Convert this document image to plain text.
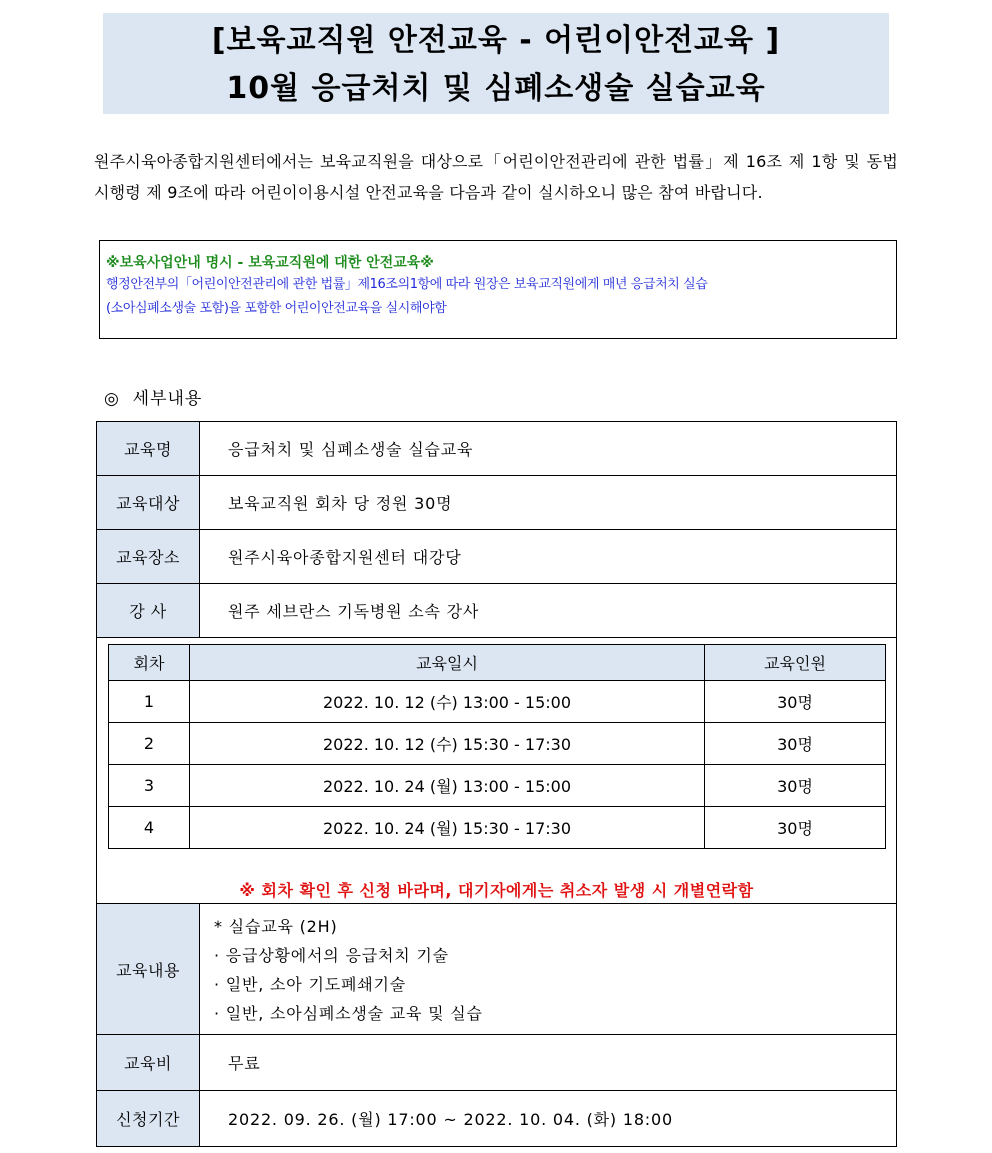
[보육교직원 안전교육 - 어린이안전교육 ]
10월 응급처치 및 심폐소생술 실습교육
원주시육아종합지원센터에서는 보육교직원을 대상으로「어린이안전관리에 관한 법률」제 16조 제 1항 및 동법 시행령 제 9조에 따라 어린이이용시설 안전교육을 다음과 같이 실시하오니 많은 참여 바랍니다.
※보육사업안내 명시 - 보육교직원에 대한 안전교육※
행정안전부의「어린이안전관리에 관한 법률」제16조의1항에 따라 원장은 보육교직원에게 매년 응급처치 실습
(소아심폐소생술 포함)을 포함한 어린이안전교육을 실시해야함
◎  세부내용
교육명	응급처치 및 심폐소생술 실습교육
교육대상	보육교직원 회차 당 정원 30명
교육장소	원주시육아종합지원센터 대강당
강 사	원주 세브란스 기독병원 소속 강사

회차	교육일시	교육인원
1	2022. 10. 12 (수) 13:00 - 15:00	30명
2	2022. 10. 12 (수) 15:30 - 17:30	30명
3	2022. 10. 24 (월) 13:00 - 15:00	30명
4	2022. 10. 24 (월) 15:30 - 17:30	30명
※ 회차 확인 후 신청 바라며, 대기자에게는 취소자 발생 시 개별연락함

교육내용	
* 실습교육 (2H)
· 응급상황에서의 응급처치 기술
· 일반, 소아 기도폐쇄기술
· 일반, 소아심폐소생술 교육 및 실습

교육비	무료
신청기간	2022. 09. 26. (월) 17:00 ~ 2022. 10. 04. (화) 18:00
